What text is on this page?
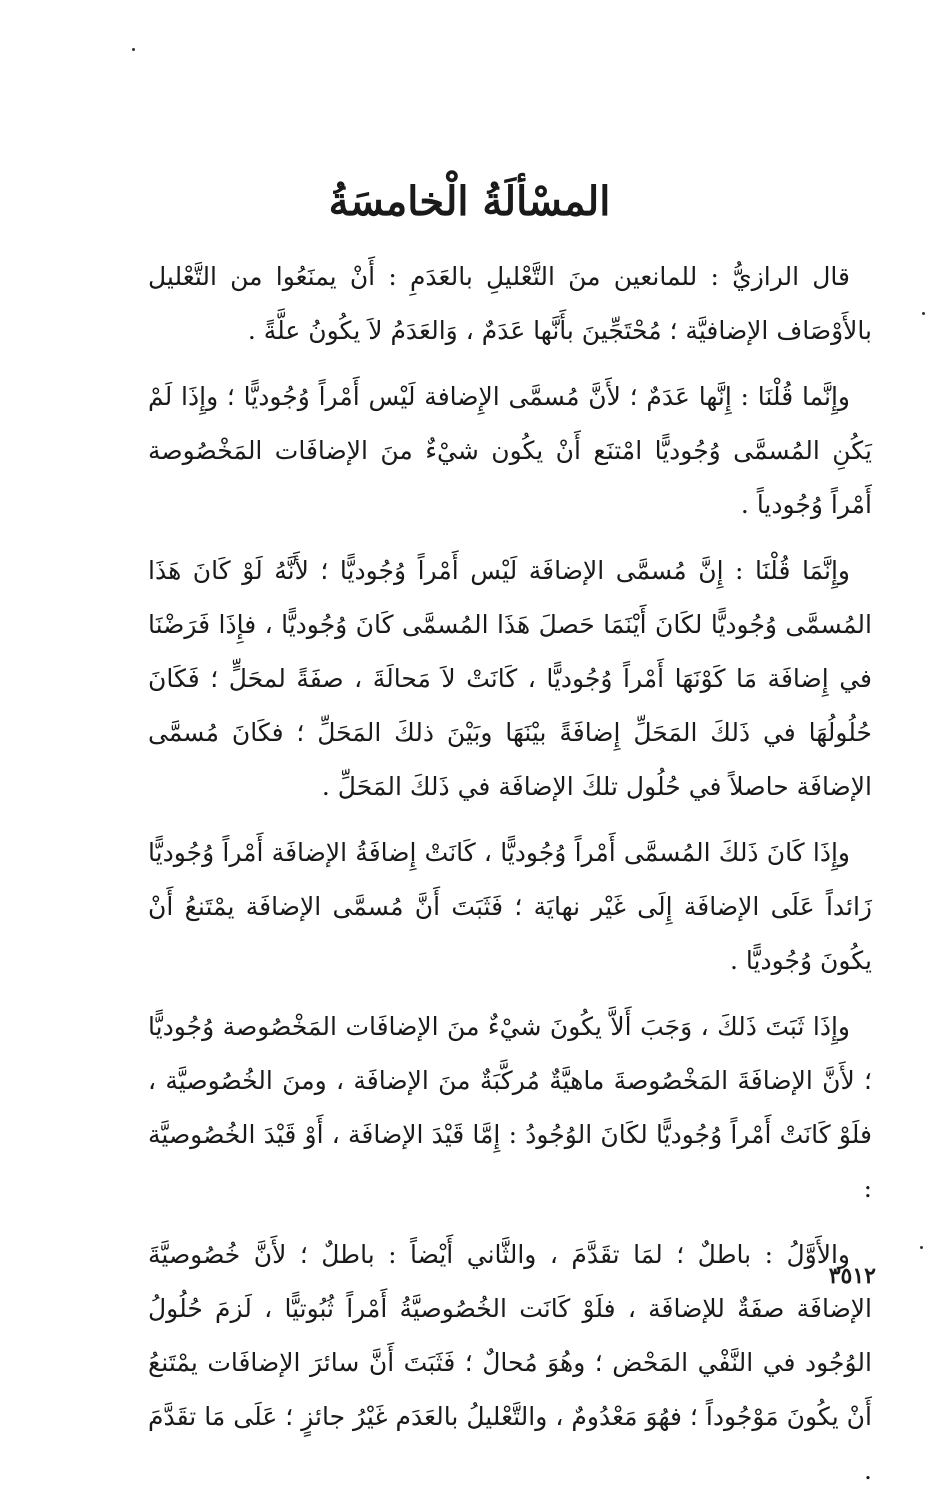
المسْألَةُ الْخامسَةُ

قال الرازيُّ : للمانعين منَ التَّعْليلِ بالعَدَمِ : أَنْ يمنَعُوا من التَّعْليل بالأَوْصَاف الإضافيَّة ؛ مُحْتَجِّينَ بأَنَّها عَدَمٌ ، وَالعَدَمُ لاَ يكُونُ علَّةً .

وإِنَّما قُلْنَا : إِنَّها عَدَمٌ ؛ لأَنَّ مُسمَّى الإِضافة لَيْس أَمْراً وُجُوديًّا ؛ وإِذَا لَمْ يَكُنِ المُسمَّى وُجُوديًّا امْتنَع أَنْ يكُون شيْءٌ منَ الإضافَات المَخْصُوصة أَمْراً وُجُودياً .

وإِنَّمَا قُلْنَا : إِنَّ مُسمَّى الإضافَة لَيْس أَمْراً وُجُوديًّا ؛ لأَنَّهُ لَوْ كَانَ هَذَا المُسمَّى وُجُوديًّا لكَانَ أَيْنَمَا حَصلَ هَذَا المُسمَّى كَانَ وُجُوديًّا ، فإِذَا فَرَضْنَا في إِضافَة مَا كَوْنَهَا أَمْراً وُجُوديًّا ، كَانَتْ لاَ مَحالَةَ ، صفَةً لمحَلٍّ ؛ فَكَانَ حُلُولُهَا في ذَلكَ المَحَلِّ إِضافَةً بيْنَهَا وبَيْنَ ذلكَ المَحَلِّ ؛ فكَانَ مُسمَّى الإضافَة حاصلاً في حُلُول تلكَ الإضافَة في ذَلكَ المَحَلِّ .

وإِذَا كَانَ ذَلكَ المُسمَّى أَمْراً وُجُوديًّا ، كَانَتْ إِضافَةُ الإضافَة أَمْراً وُجُوديًّا زَائداً عَلَى الإضافَة إِلَى غَيْر نهايَة ؛ فَثَبَتَ أَنَّ مُسمَّى الإضافَة يمْتَنعُ أَنْ يكُونَ وُجُوديًّا .

وإِذَا ثَبَتَ ذَلكَ ، وَجَبَ أَلاَّ يكُونَ شيْءٌ منَ الإضافَات المَخْصُوصة وُجُوديًّا ؛ لأَنَّ الإضافَةَ المَخْصُوصةَ ماهيَّةٌ مُركَّبَةٌ منَ الإضافَة ، ومنَ الخُصُوصيَّة ، فلَوْ كَانَتْ أَمْراً وُجُوديًّا لكَانَ الوُجُودُ : إِمَّا قَيْدَ الإضافَة ، أَوْ قَيْدَ الخُصُوصيَّة :

والأَوَّلُ : باطلٌ ؛ لمَا تقَدَّمَ ، والثَّاني أَيْضاً : باطلٌ ؛ لأَنَّ خُصُوصيَّةَ الإضافَة صفَةٌ للإضافَة ، فلَوْ كَانَت الخُصُوصيَّةُ أَمْراً ثُبُوتيًّا ، لَزمَ حُلُولُ الوُجُود في النَّفْي المَحْض ؛ وهُوَ مُحالٌ ؛ فَثَبَتَ أَنَّ سائرَ الإضافَات يمْتَنعُ أَنْ يكُونَ مَوْجُوداً ؛ فهُوَ مَعْدُومٌ ، والتَّعْليلُ بالعَدَم غَيْرُ جائزٍ ؛ عَلَى مَا تقَدَّمَ .

٣٥١٢
